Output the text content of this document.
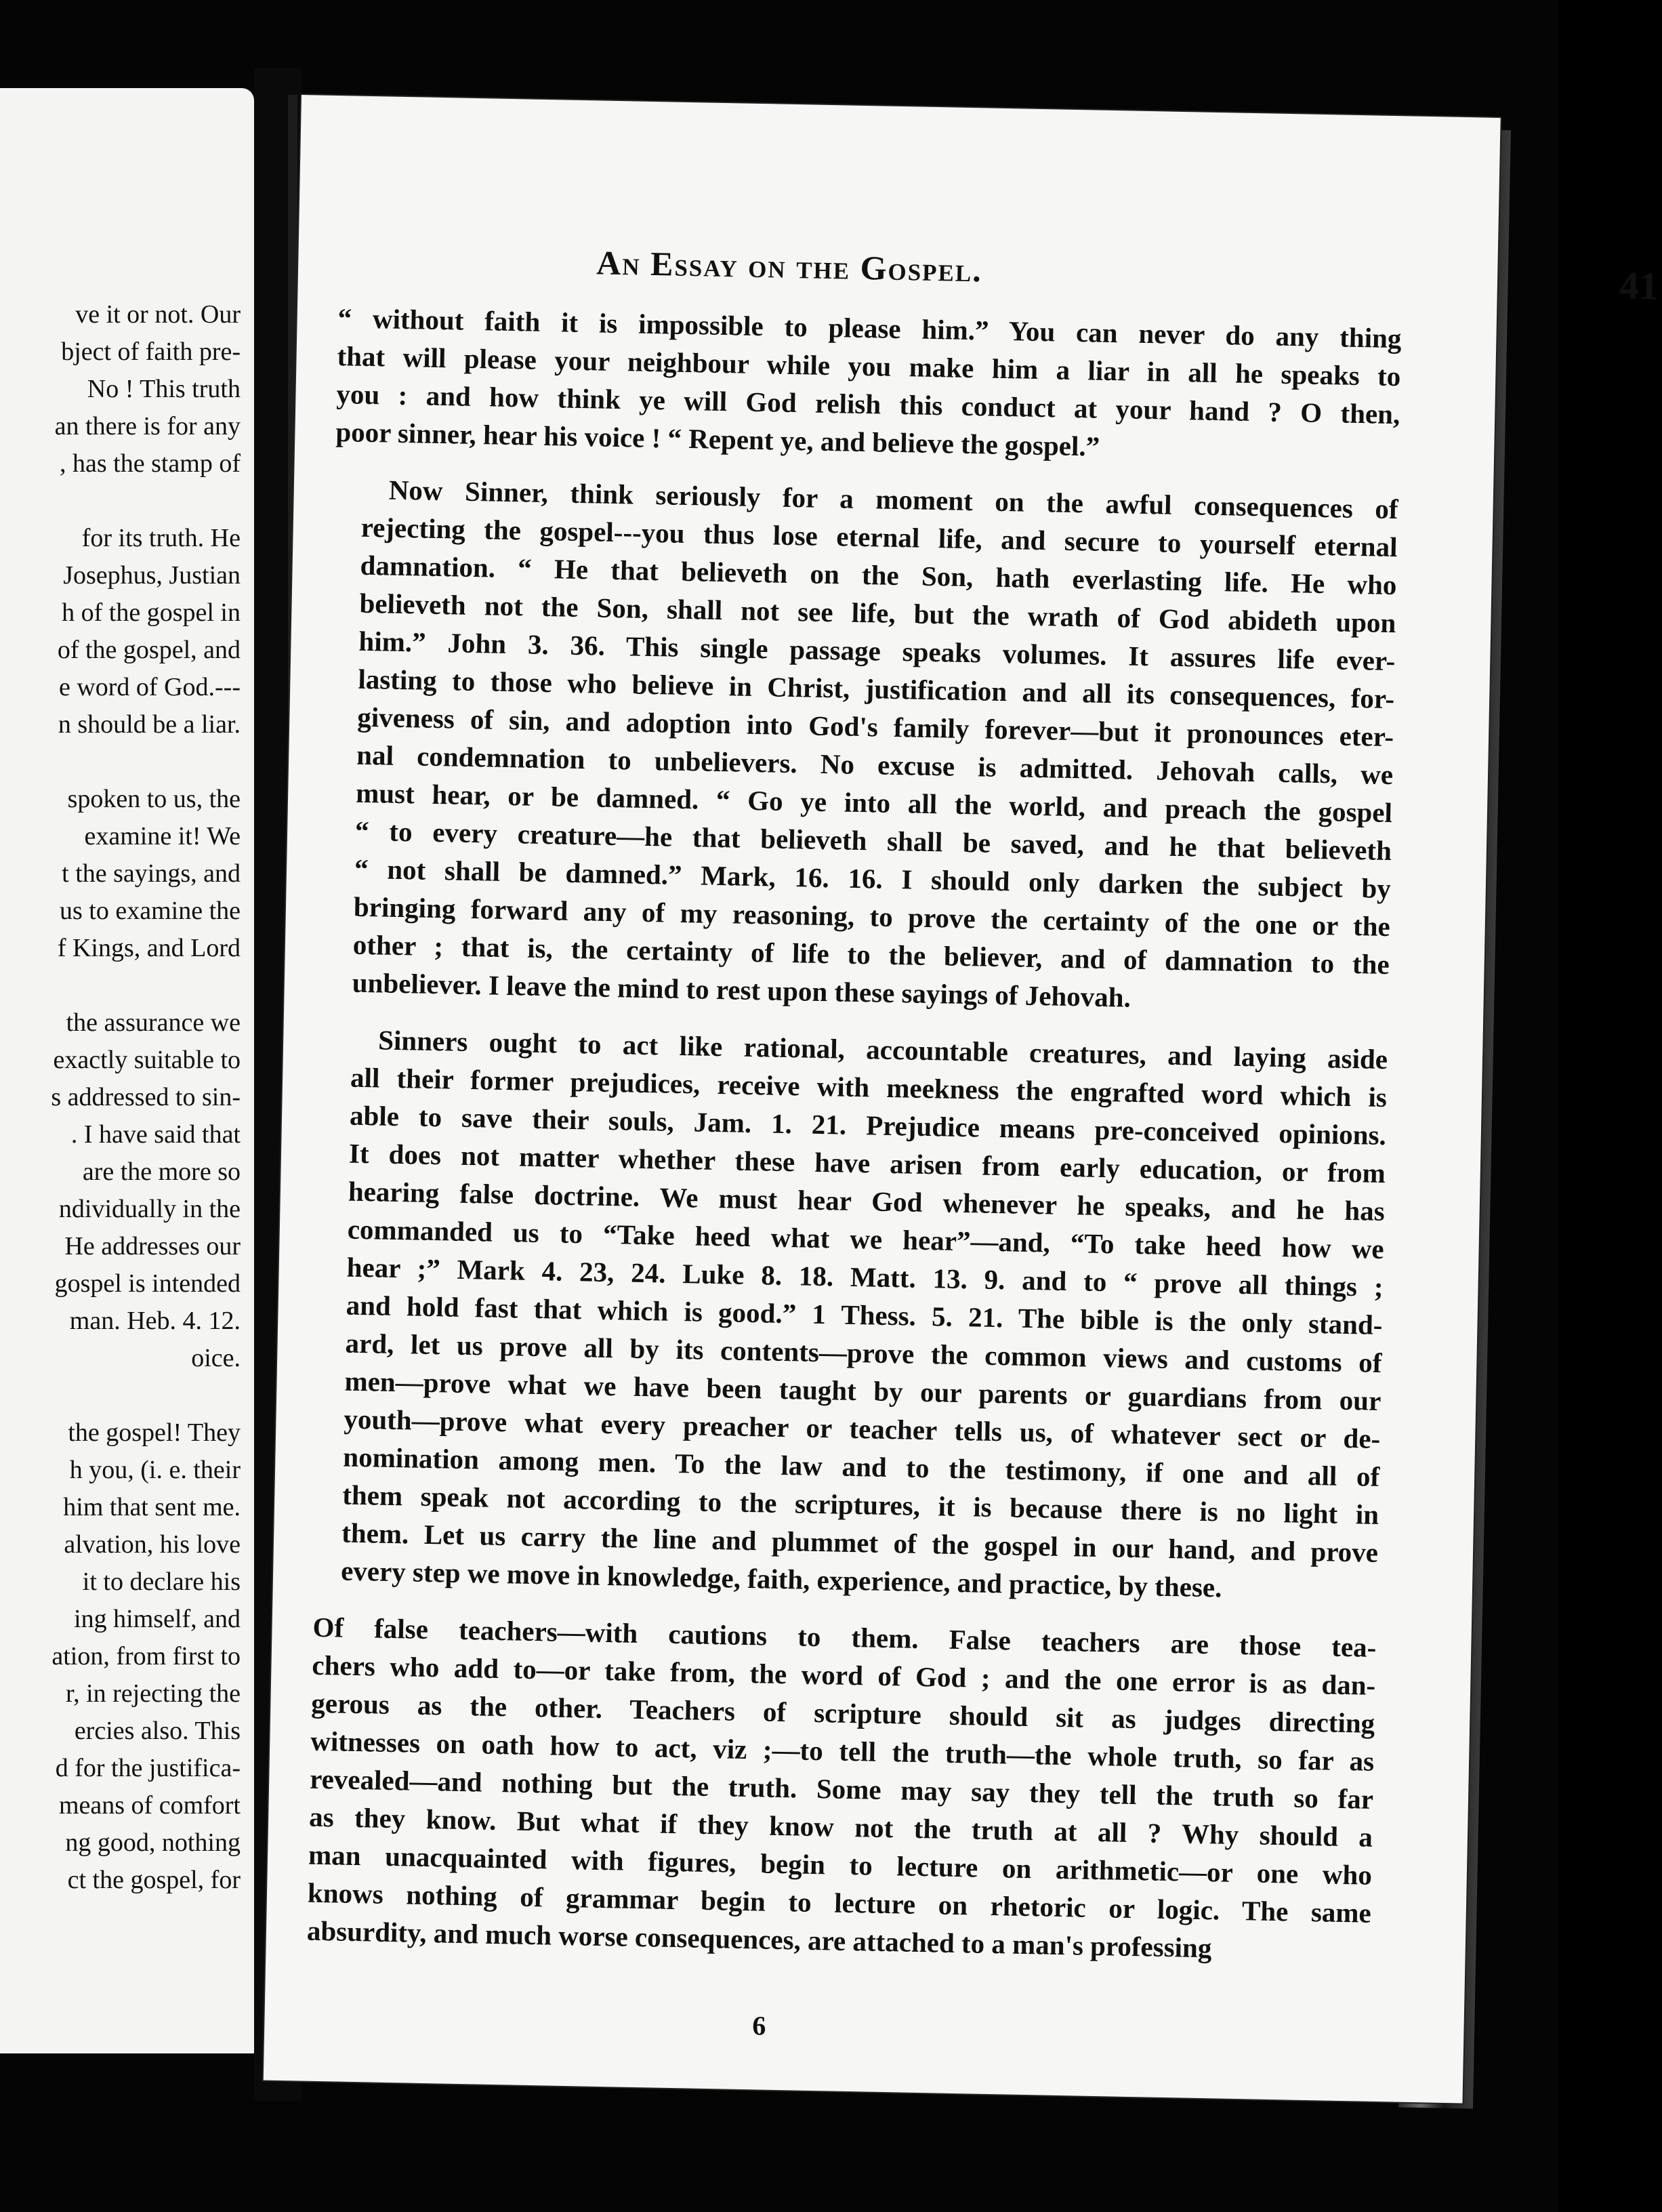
ve it or not. Our
bject of faith pre-
No ! This truth
an there is for any
, has the stamp of
for its truth. He
Josephus, Justian
h of the gospel in
of the gospel, and
e word of God.---
n should be a liar.
spoken to us, the
examine it! We
t the sayings, and
us to examine the
f Kings, and Lord
the assurance we
exactly suitable to
s addressed to sin-
. I have said that
are the more so
ndividually in the
He addresses our
gospel is intended
man. Heb. 4. 12.
oice.
the gospel! They
h you, (i. e. their
him that sent me.
alvation, his love
it to declare his
ing himself, and
ation, from first to
r, in rejecting the
ercies also. This
d for the justifica-
means of comfort
ng good, nothing
ct the gospel, for
An Essay on the Gospel.	41
“ without faith it is impossible to please him.” You can never do any thing
that will please your neighbour while you make him a liar in all he speaks to
you : and how think ye will God relish this conduct at your hand ? O then,
poor sinner, hear his voice ! “ Repent ye, and believe the gospel.”
Now Sinner, think seriously for a moment on the awful consequences of
rejecting the gospel---you thus lose eternal life, and secure to yourself eternal
damnation. “ He that believeth on the Son, hath everlasting life. He who
believeth not the Son, shall not see life, but the wrath of God abideth upon
him.” John 3. 36. This single passage speaks volumes. It assures life ever-
lasting to those who believe in Christ, justification and all its consequences, for-
giveness of sin, and adoption into God's family forever—but it pronounces eter-
nal condemnation to unbelievers. No excuse is admitted. Jehovah calls, we
must hear, or be damned. “ Go ye into all the world, and preach the gospel
“ to every creature—he that believeth shall be saved, and he that believeth
“ not shall be damned.” Mark, 16. 16. I should only darken the subject by
bringing forward any of my reasoning, to prove the certainty of the one or the
other ; that is, the certainty of life to the believer, and of damnation to the
unbeliever. I leave the mind to rest upon these sayings of Jehovah.
Sinners ought to act like rational, accountable creatures, and laying aside
all their former prejudices, receive with meekness the engrafted word which is
able to save their souls, Jam. 1. 21. Prejudice means pre-conceived opinions.
It does not matter whether these have arisen from early education, or from
hearing false doctrine. We must hear God whenever he speaks, and he has
commanded us to “Take heed what we hear”—and, “To take heed how we
hear ;” Mark 4. 23, 24. Luke 8. 18. Matt. 13. 9. and to “ prove all things ;
and hold fast that which is good.” 1 Thess. 5. 21. The bible is the only stand-
ard, let us prove all by its contents—prove the common views and customs of
men—prove what we have been taught by our parents or guardians from our
youth—prove what every preacher or teacher tells us, of whatever sect or de-
nomination among men. To the law and to the testimony, if one and all of
them speak not according to the scriptures, it is because there is no light in
them. Let us carry the line and plummet of the gospel in our hand, and prove
every step we move in knowledge, faith, experience, and practice, by these.
Of false teachers—with cautions to them. False teachers are those tea-
chers who add to—or take from, the word of God ; and the one error is as dan-
gerous as the other. Teachers of scripture should sit as judges directing
witnesses on oath how to act, viz ;—to tell the truth—the whole truth, so far as
revealed—and nothing but the truth. Some may say they tell the truth so far
as they know. But what if they know not the truth at all ? Why should a
man unacquainted with figures, begin to lecture on arithmetic—or one who
knows nothing of grammar begin to lecture on rhetoric or logic. The same
absurdity, and much worse consequences, are attached to a man's professing
6
